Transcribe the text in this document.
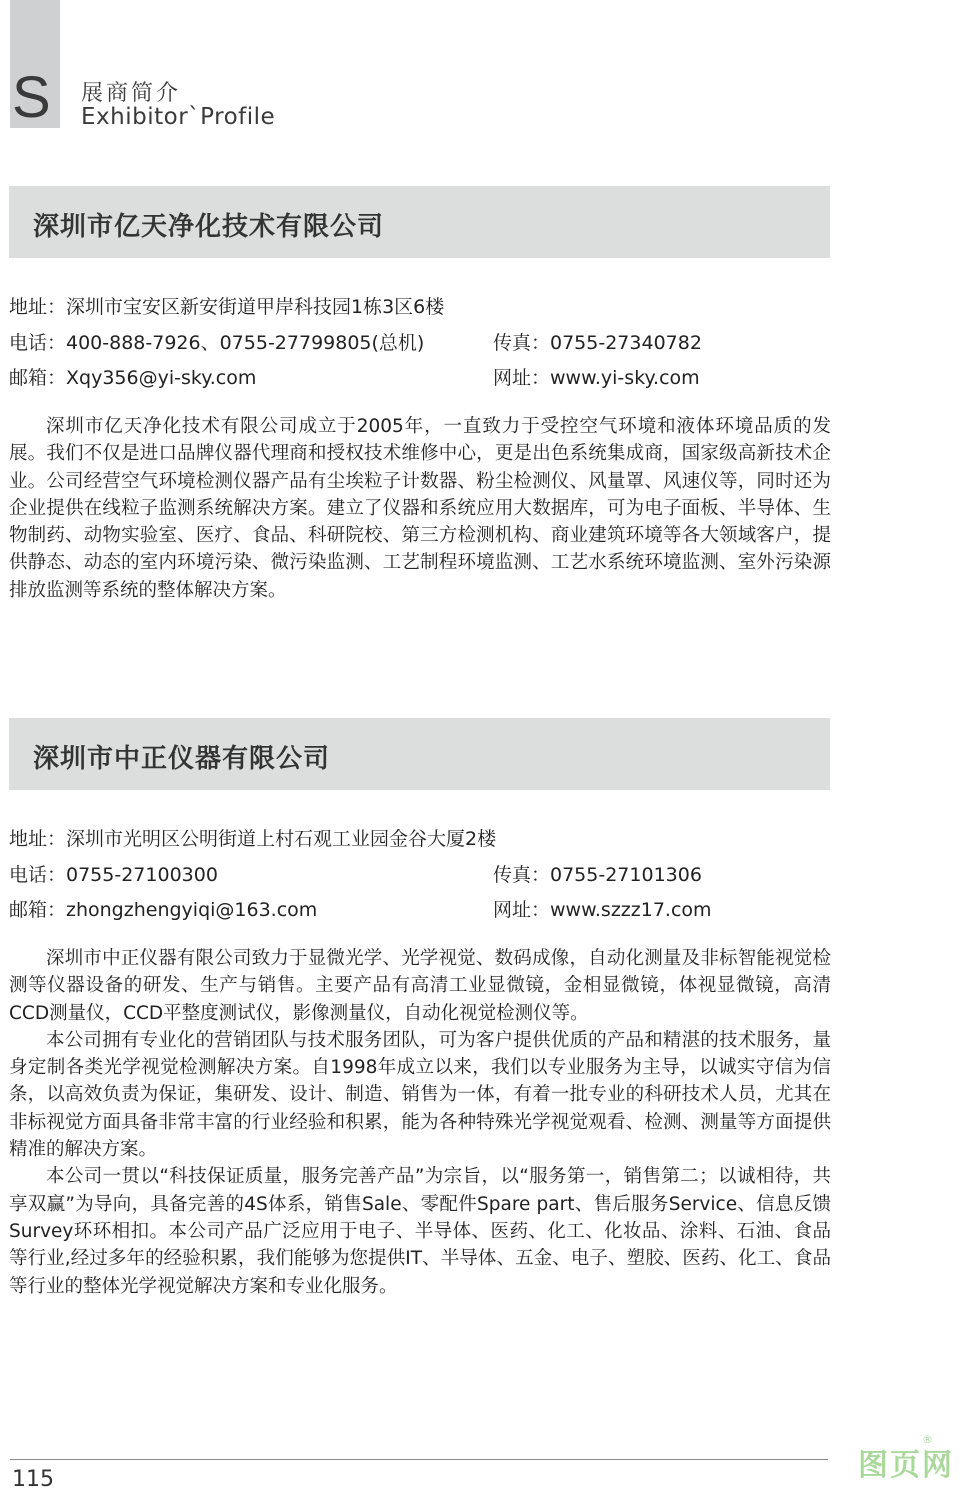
S 展商简介
Exhibitor`Profile
深圳市亿天净化技术有限公司
地址：深圳市宝安区新安街道甲岸科技园1栋3区6楼
电话：400-888-7926、0755-27799805(总机)	传真：0755-27340782
邮箱：Xqy356@yi-sky.com	网址：www.yi-sky.com

深圳市亿天净化技术有限公司成立于2005年，一直致力于受控空气环境和液体环境品质的发展。我们不仅是进口品牌仪器代理商和授权技术维修中心，更是出色系统集成商，国家级高新技术企业。公司经营空气环境检测仪器产品有尘埃粒子计数器、粉尘检测仪、风量罩、风速仪等，同时还为企业提供在线粒子监测系统解决方案。建立了仪器和系统应用大数据库，可为电子面板、半导体、生物制药、动物实验室、医疗、食品、科研院校、第三方检测机构、商业建筑环境等各大领域客户，提供静态、动态的室内环境污染、微污染监测、工艺制程环境监测、工艺水系统环境监测、室外污染源排放监测等系统的整体解决方案。

深圳市中正仪器有限公司
地址：深圳市光明区公明街道上村石观工业园金谷大厦2楼
电话：0755-27100300	传真：0755-27101306
邮箱：zhongzhengyiqi@163.com	网址：www.szzz17.com

深圳市中正仪器有限公司致力于显微光学、光学视觉、数码成像，自动化测量及非标智能视觉检测等仪器设备的研发、生产与销售。主要产品有高清工业显微镜，金相显微镜，体视显微镜，高清CCD测量仪，CCD平整度测试仪，影像测量仪，自动化视觉检测仪等。

本公司拥有专业化的营销团队与技术服务团队，可为客户提供优质的产品和精湛的技术服务，量身定制各类光学视觉检测解决方案。自1998年成立以来，我们以专业服务为主导，以诚实守信为信条，以高效负责为保证，集研发、设计、制造、销售为一体，有着一批专业的科研技术人员，尤其在非标视觉方面具备非常丰富的行业经验和积累，能为各种特殊光学视觉观看、检测、测量等方面提供精准的解决方案。

本公司一贯以“科技保证质量，服务完善产品”为宗旨，以“服务第一，销售第二；以诚相待，共享双赢”为导向，具备完善的4S体系，销售Sale、零配件Spare part、售后服务Service、信息反馈Survey环环相扣。本公司产品广泛应用于电子、半导体、医药、化工、化妆品、涂料、石油、食品等行业,经过多年的经验积累，我们能够为您提供IT、半导体、五金、电子、塑胶、医药、化工、食品等行业的整体光学视觉解决方案和专业化服务。

115	图页网
®
